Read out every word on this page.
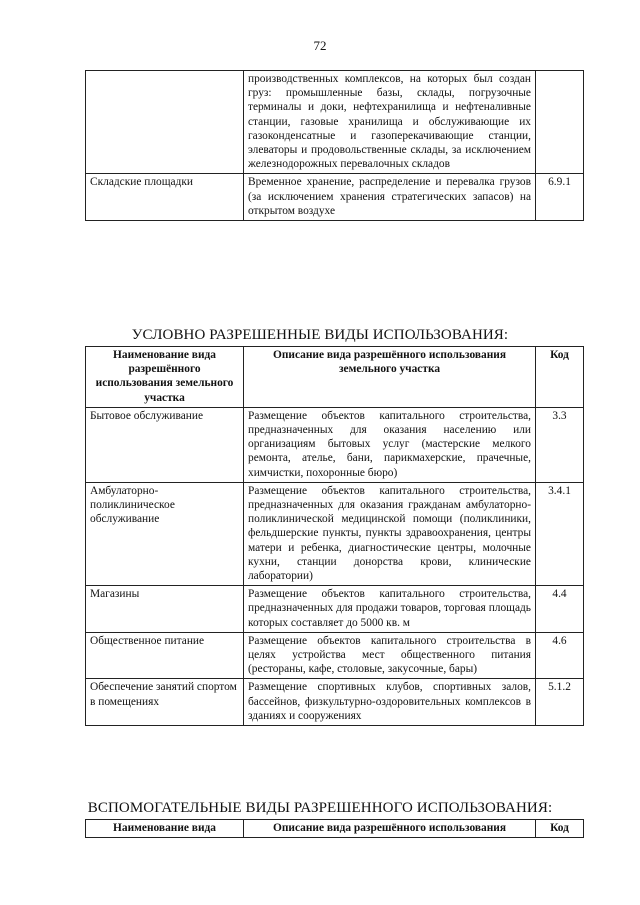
72
	производственных комплексов, на которых был создан груз: промышленные базы, склады, погрузочные терминалы и доки, нефтехранилища и нефтеналивные станции, газовые хранилища и обслуживающие их газоконденсатные и газоперекачивающие станции, элеваторы и продовольственные склады, за исключением железнодорожных перевалочных складов	
Складские площадки	Временное хранение, распределение и перевалка грузов (за исключением хранения стратегических запасов) на открытом воздухе	6.9.1
УСЛОВНО РАЗРЕШЕННЫЕ ВИДЫ ИСПОЛЬЗОВАНИЯ:
Наименование вида разрешённого использования земельного участка	Описание вида разрешённого использования земельного участка	Код
Бытовое обслуживание	Размещение объектов капитального строительства, предназначенных для оказания населению или организациям бытовых услуг (мастерские мелкого ремонта, ателье, бани, парикмахерские, прачечные, химчистки, похоронные бюро)	3.3
Амбулаторно-поликлиническое обслуживание	Размещение объектов капитального строительства, предназначенных для оказания гражданам амбулаторно-поликлинической медицинской помощи (поликлиники, фельдшерские пункты, пункты здравоохранения, центры матери и ребенка, диагностические центры, молочные кухни, станции донорства крови, клинические лаборатории)	3.4.1
Магазины	Размещение объектов капитального строительства, предназначенных для продажи товаров, торговая площадь которых составляет до 5000 кв. м	4.4
Общественное питание	Размещение объектов капитального строительства в целях устройства мест общественного питания (рестораны, кафе, столовые, закусочные, бары)	4.6
Обеспечение занятий спортом в помещениях	Размещение спортивных клубов, спортивных залов, бассейнов, физкультурно-оздоровительных комплексов в зданиях и сооружениях	5.1.2
ВСПОМОГАТЕЛЬНЫЕ ВИДЫ РАЗРЕШЕННОГО ИСПОЛЬЗОВАНИЯ:
Наименование вида	Описание вида разрешённого использования	Код
